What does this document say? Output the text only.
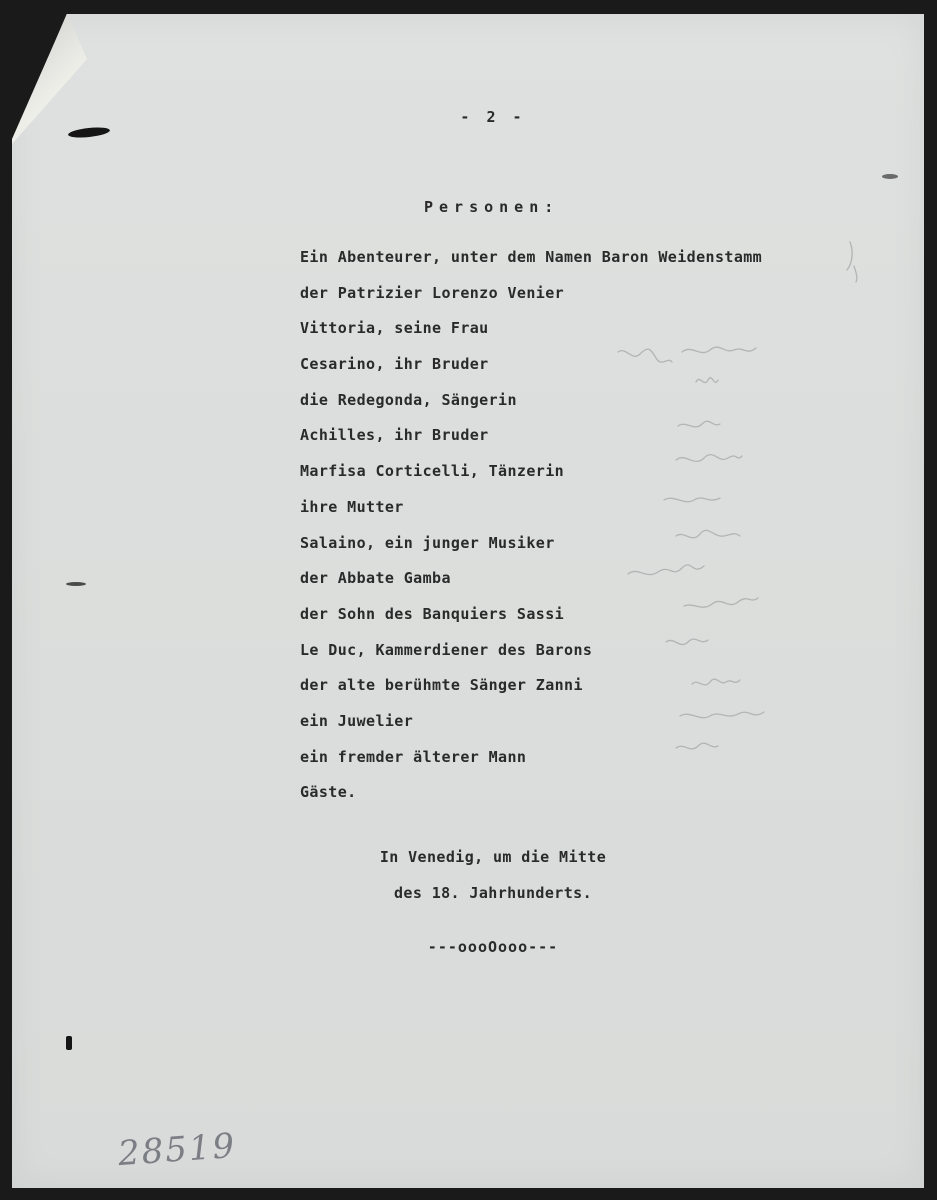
- 2 -
Personen:
Ein Abenteurer, unter dem Namen Baron Weidenstamm
der Patrizier Lorenzo Venier
Vittoria, seine Frau
Cesarino, ihr Bruder
die Redegonda, Sängerin
Achilles, ihr Bruder
Marfisa Corticelli, Tänzerin
ihre Mutter
Salaino, ein junger Musiker
der Abbate Gamba
der Sohn des Banquiers Sassi
Le Duc, Kammerdiener des Barons
der alte berühmte Sänger Zanni
ein Juwelier
ein fremder älterer Mann
Gäste.
In Venedig, um die Mitte
des 18. Jahrhunderts.
---oooOooo---
28519
